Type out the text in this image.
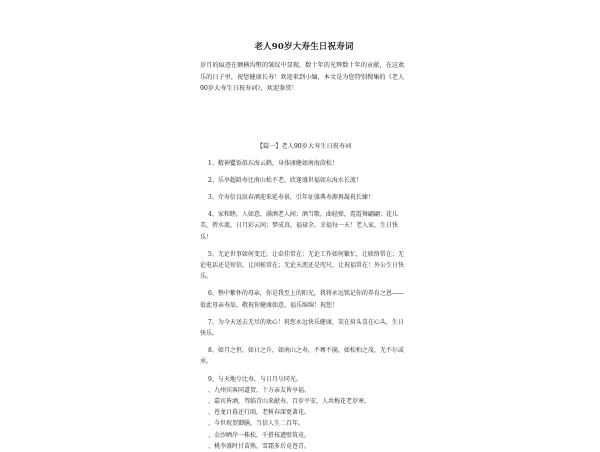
老人90岁大寿生日祝寿词

岁月的痕迹在额横沟壑的皱纹中显现，数十年的光辉数十年的贡献，在这欢乐的日子里，祝您健康长寿！欢迎来到小编，本文是为您特别搜集的《老人90岁大寿生日祝寿词》，欢迎鉴赏！

【篇一】老人90岁大寿生日祝寿词

1、精神矍铄似东海云鹤，身体康健如南海茵松！
2、乐享超龄寿比南山松不老，欣逢盛世福如东海水长流！
3、介寿倍良辰春酒迎来延寿景，引年征盛典寿源再凝祝长臻！
4、家和睦，人如意，满酒老人间；酒当歌，曲轻弹，霓霞舞翩翩；花儿美，碧水流，日月彩云间；梦成真，福禄全，幸福每一天！老人家，生日快乐！
5、无论世事如何变迁，让牵挂常在；无论工作如何繁忙，让联络常在；无论电话还是短信，让问候常在；无论天涯还是咫尺，让祝福常在！外公生日快乐。
6、整中紫怀的母亲，你是我至上的阳光，我将永远铭记你的养育之恩——值此母亲寿辰，敬祝你健康如意，福乐绵绵！祝您！
7、为今天送去无尽的欢心！祝您永远快乐健康，笑在眉头喜在心头，生日快乐。
8、如月之恒，如日之升，如南山之寿，不骞不崩，如松柏之茂，无不尔或承。
9、与天地兮比寿，与日月兮同光。
、九州宾客同道贺，十方亲友皆享福。
、嘉宾皆酒，驾临青山来献寿，百岁平安，人共梅花老岁寒。
、苍龙日暮还行雨，老树春深更著花。
、今世祝贺御膳，当信人生二百年。
、金沙晒岸一株松，千搭枝遒壁筑竟。
、桃李盛时甘苗熟，雪霜多后竟苍青。
